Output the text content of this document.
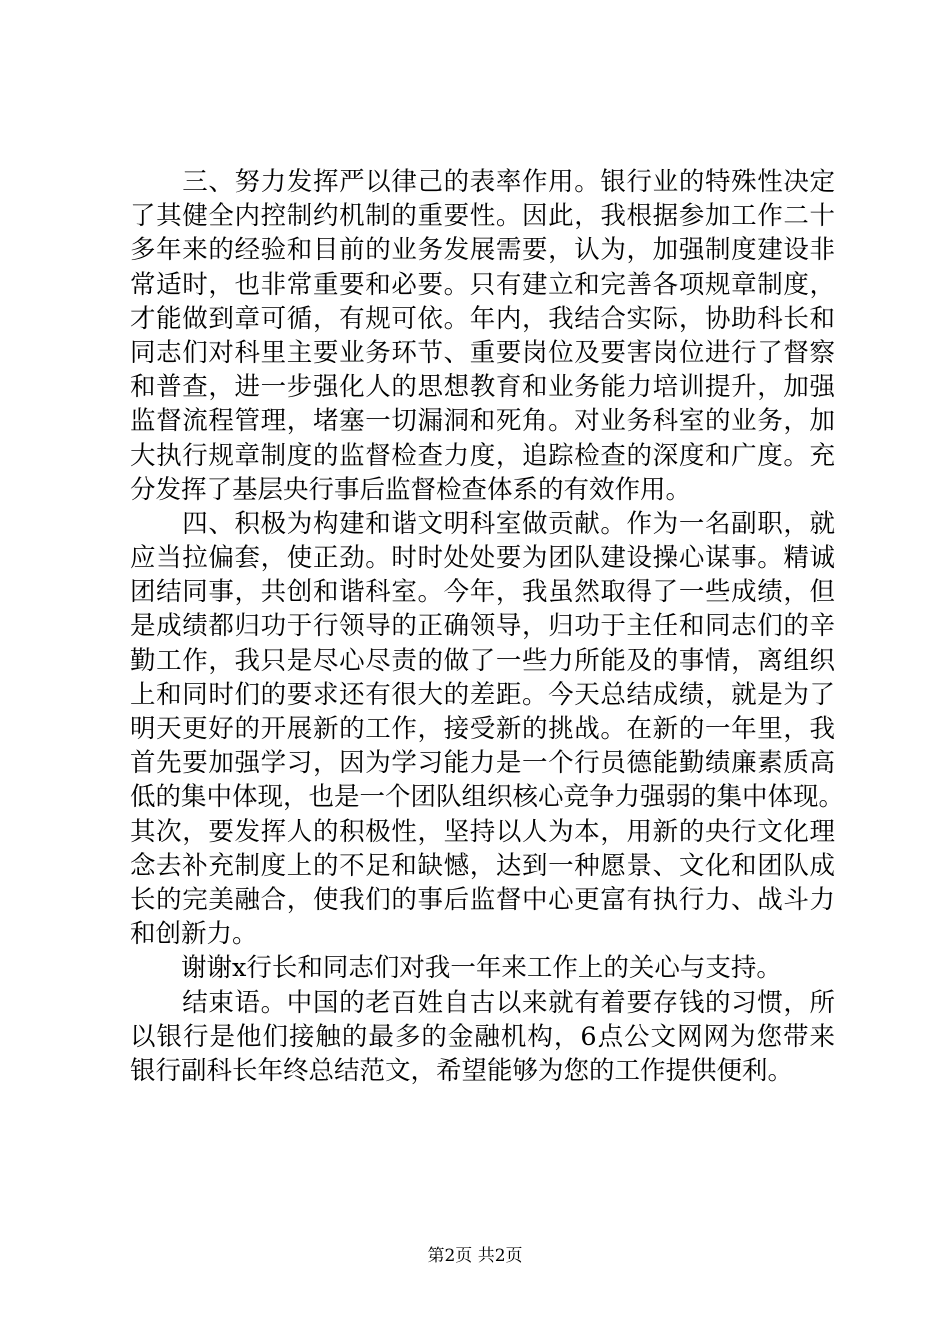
　　三、努力发挥严以律己的表率作用。银行业的特殊性决定
了其健全内控制约机制的重要性。因此，我根据参加工作二十
多年来的经验和目前的业务发展需要，认为，加强制度建设非
常适时，也非常重要和必要。只有建立和完善各项规章制度，
才能做到章可循，有规可依。年内，我结合实际，协助科长和
同志们对科里主要业务环节、重要岗位及要害岗位进行了督察
和普查，进一步强化人的思想教育和业务能力培训提升，加强
监督流程管理，堵塞一切漏洞和死角。对业务科室的业务，加
大执行规章制度的监督检查力度，追踪检查的深度和广度。充
分发挥了基层央行事后监督检查体系的有效作用。
　　四、积极为构建和谐文明科室做贡献。作为一名副职，就
应当拉偏套，使正劲。时时处处要为团队建设操心谋事。精诚
团结同事，共创和谐科室。今年，我虽然取得了一些成绩，但
是成绩都归功于行领导的正确领导，归功于主任和同志们的辛
勤工作，我只是尽心尽责的做了一些力所能及的事情，离组织
上和同时们的要求还有很大的差距。今天总结成绩，就是为了
明天更好的开展新的工作，接受新的挑战。在新的一年里，我
首先要加强学习，因为学习能力是一个行员德能勤绩廉素质高
低的集中体现，也是一个团队组织核心竞争力强弱的集中体现。
其次，要发挥人的积极性，坚持以人为本，用新的央行文化理
念去补充制度上的不足和缺憾，达到一种愿景、文化和团队成
长的完美融合，使我们的事后监督中心更富有执行力、战斗力
和创新力。
　　谢谢x行长和同志们对我一年来工作上的关心与支持。
　　结束语。中国的老百姓自古以来就有着要存钱的习惯，所
以银行是他们接触的最多的金融机构，6点公文网网为您带来
银行副科长年终总结范文，希望能够为您的工作提供便利。
第2页 共2页
